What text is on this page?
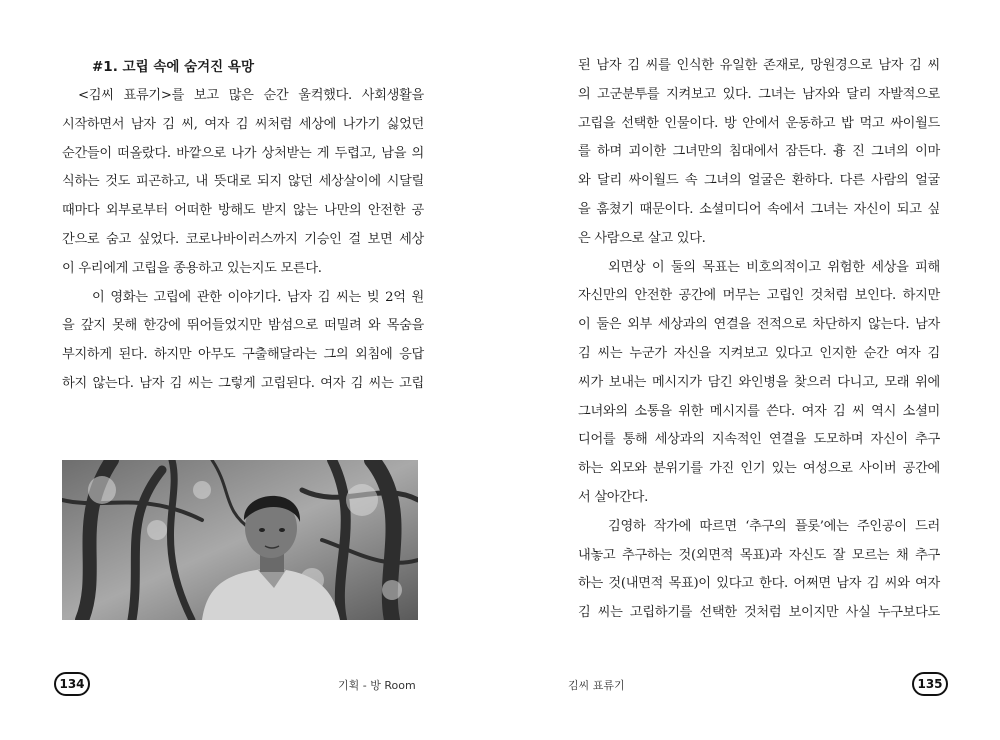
#1. 고립 속에 숨겨진 욕망
<김씨 표류기>를 보고 많은 순간 울컥했다. 사회생활을
시작하면서 남자 김 씨, 여자 김 씨처럼 세상에 나가기 싫었던
순간들이 떠올랐다. 바깥으로 나가 상처받는 게 두렵고, 남을 의
식하는 것도 피곤하고, 내 뜻대로 되지 않던 세상살이에 시달릴
때마다 외부로부터 어떠한 방해도 받지 않는 나만의 안전한 공
간으로 숨고 싶었다. 코로나바이러스까지 기승인 걸 보면 세상
이 우리에게 고립을 종용하고 있는지도 모른다.
이 영화는 고립에 관한 이야기다. 남자 김 씨는 빚 2억 원
을 갚지 못해 한강에 뛰어들었지만 밤섬으로 떠밀려 와 목숨을
부지하게 된다. 하지만 아무도 구출해달라는 그의 외침에 응답
하지 않는다. 남자 김 씨는 그렇게 고립된다. 여자 김 씨는 고립
134	기획 - 방 Room
된 남자 김 씨를 인식한 유일한 존재로, 망원경으로 남자 김 씨
의 고군분투를 지켜보고 있다. 그녀는 남자와 달리 자발적으로
고립을 선택한 인물이다. 방 안에서 운동하고 밥 먹고 싸이월드
를 하며 괴이한 그녀만의 침대에서 잠든다. 흉 진 그녀의 이마
와 달리 싸이월드 속 그녀의 얼굴은 환하다. 다른 사람의 얼굴
을 훔쳤기 때문이다. 소셜미디어 속에서 그녀는 자신이 되고 싶
은 사람으로 살고 있다.
외면상 이 둘의 목표는 비호의적이고 위험한 세상을 피해
자신만의 안전한 공간에 머무는 고립인 것처럼 보인다. 하지만
이 둘은 외부 세상과의 연결을 전적으로 차단하지 않는다. 남자
김 씨는 누군가 자신을 지켜보고 있다고 인지한 순간 여자 김
씨가 보내는 메시지가 담긴 와인병을 찾으러 다니고, 모래 위에
그녀와의 소통을 위한 메시지를 쓴다. 여자 김 씨 역시 소셜미
디어를 통해 세상과의 지속적인 연결을 도모하며 자신이 추구
하는 외모와 분위기를 가진 인기 있는 여성으로 사이버 공간에
서 살아간다.
김영하 작가에 따르면 ‘추구의 플롯’에는 주인공이 드러
내놓고 추구하는 것(외면적 목표)과 자신도 잘 모르는 채 추구
하는 것(내면적 목표)이 있다고 한다. 어쩌면 남자 김 씨와 여자
김 씨는 고립하기를 선택한 것처럼 보이지만 사실 누구보다도
김씨 표류기	135
